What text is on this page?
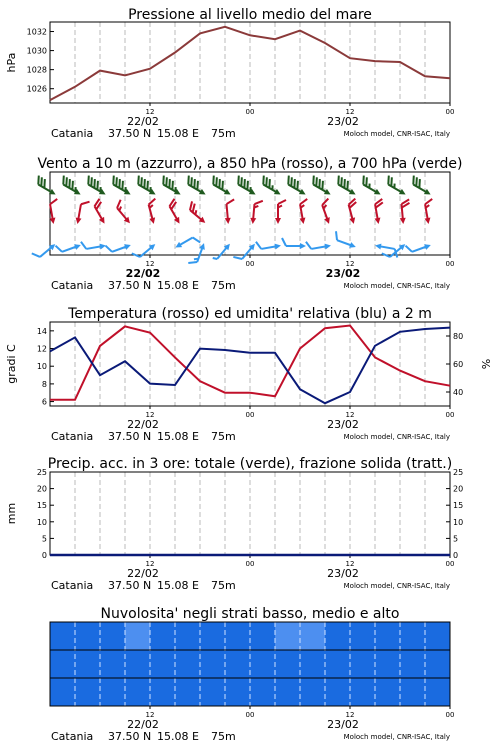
Pressione al livello medio del mare
12	00	12	00
22/02	23/02
Catania 37.50 N 15.08 E 75m	Moloch model, CNR-ISAC, Italy
1026
1028
1030
1032
hPa
Vento a 10 m (azzurro), a 850 hPa (rosso), a 700 hPa (verde)
12	00	12	00
22/02	23/02
Catania 37.50 N 15.08 E 75m	Moloch model, CNR-ISAC, Italy
Temperatura (rosso) ed umidita' relativa (blu) a 2 m
12	00	12	00
22/02	23/02
Catania 37.50 N 15.08 E 75m	Moloch model, CNR-ISAC, Italy
6
8
10
12
14
40
60
80
gradi C	%
Precip. acc. in 3 ore: totale (verde), frazione solida (tratt.)
12	00	12	00
22/02	23/02
Catania 37.50 N 15.08 E 75m	Moloch model, CNR-ISAC, Italy
0
5
10
15
20
25
0
5
10
15
20
25
mm
Nuvolosita' negli strati basso, medio e alto
12	00	12	00
22/02	23/02
Catania 37.50 N 15.08 E 75m	Moloch model, CNR-ISAC, Italy
